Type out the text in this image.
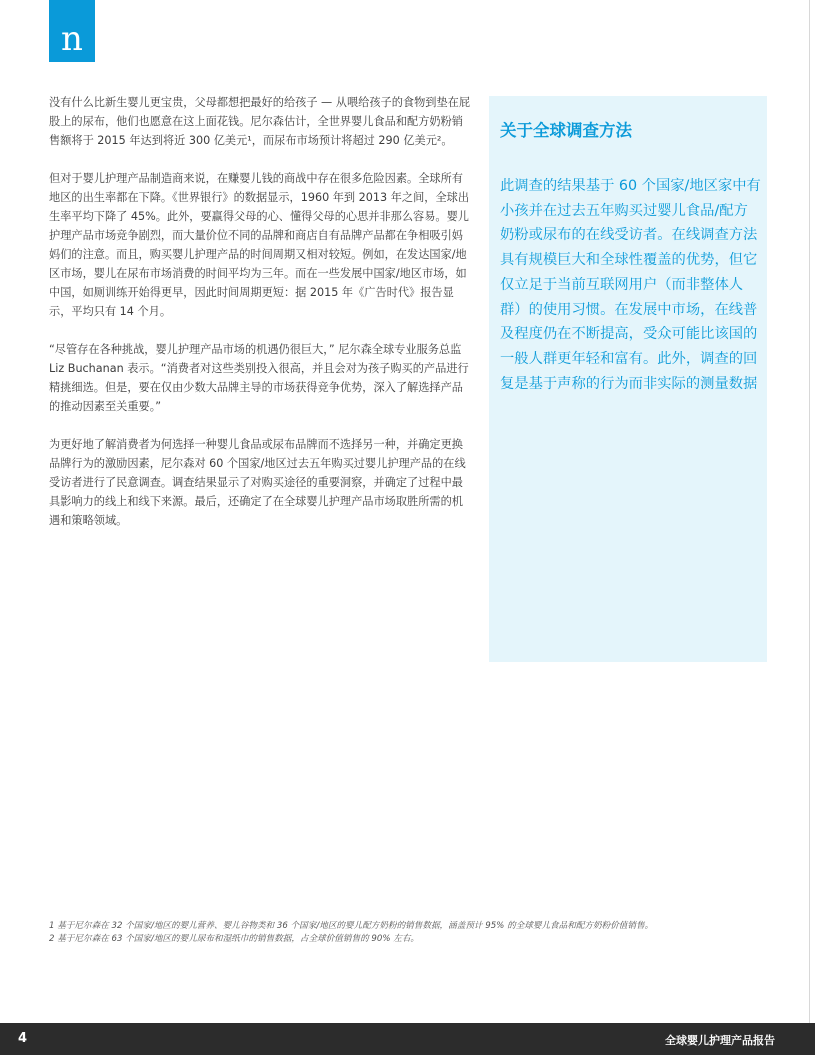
n

没有什么比新生婴儿更宝贵，父母都想把最好的给孩子 — 从喂给孩子的食物到垫在屁股上的尿布，他们也愿意在这上面花钱。尼尔森估计，全世界婴儿食品和配方奶粉销售额将于 2015 年达到将近 300 亿美元¹，而尿布市场预计将超过 290 亿美元²。

但对于婴儿护理产品制造商来说，在赚婴儿钱的商战中存在很多危险因素。全球所有地区的出生率都在下降。《世界银行》的数据显示，1960 年到 2013 年之间，全球出生率平均下降了 45%。此外，要赢得父母的心、懂得父母的心思并非那么容易。婴儿护理产品市场竞争剧烈，而大量价位不同的品牌和商店自有品牌产品都在争相吸引妈妈们的注意。而且，购买婴儿护理产品的时间周期又相对较短。例如，在发达国家/地区市场，婴儿在尿布市场消费的时间平均为三年。而在一些发展中国家/地区市场，如中国，如厕训练开始得更早，因此时间周期更短：据 2015 年《广告时代》报告显示，平均只有 14 个月。

“尽管存在各种挑战，婴儿护理产品市场的机遇仍很巨大，” 尼尔森全球专业服务总监 Liz Buchanan 表示。“消费者对这些类别投入很高，并且会对为孩子购买的产品进行精挑细选。但是，要在仅由少数大品牌主导的市场获得竞争优势，深入了解选择产品的推动因素至关重要。”

为更好地了解消费者为何选择一种婴儿食品或尿布品牌而不选择另一种，并确定更换品牌行为的激励因素，尼尔森对 60 个国家/地区过去五年购买过婴儿护理产品的在线受访者进行了民意调查。调查结果显示了对购买途径的重要洞察，并确定了过程中最具影响力的线上和线下来源。最后，还确定了在全球婴儿护理产品市场取胜所需的机遇和策略领域。

关于全球调查方法
此调查的结果基于 60 个国家/地区家中有小孩并在过去五年购买过婴儿食品/配方奶粉或尿布的在线受访者。在线调查方法具有规模巨大和全球性覆盖的优势，但它仅立足于当前互联网用户（而非整体人群）的使用习惯。在发展中市场，在线普及程度仍在不断提高，受众可能比该国的一般人群更年轻和富有。此外，调查的回复是基于声称的行为而非实际的测量数据

1 基于尼尔森在 32 个国家/地区的婴儿营养、婴儿谷物类和 36 个国家/地区的婴儿配方奶粉的销售数据，涵盖预计 95% 的全球婴儿食品和配方奶粉价值销售。

2 基于尼尔森在 63 个国家/地区的婴儿尿布和湿纸巾的销售数据，占全球价值销售的 90% 左右。

4	全球婴儿护理产品报告
